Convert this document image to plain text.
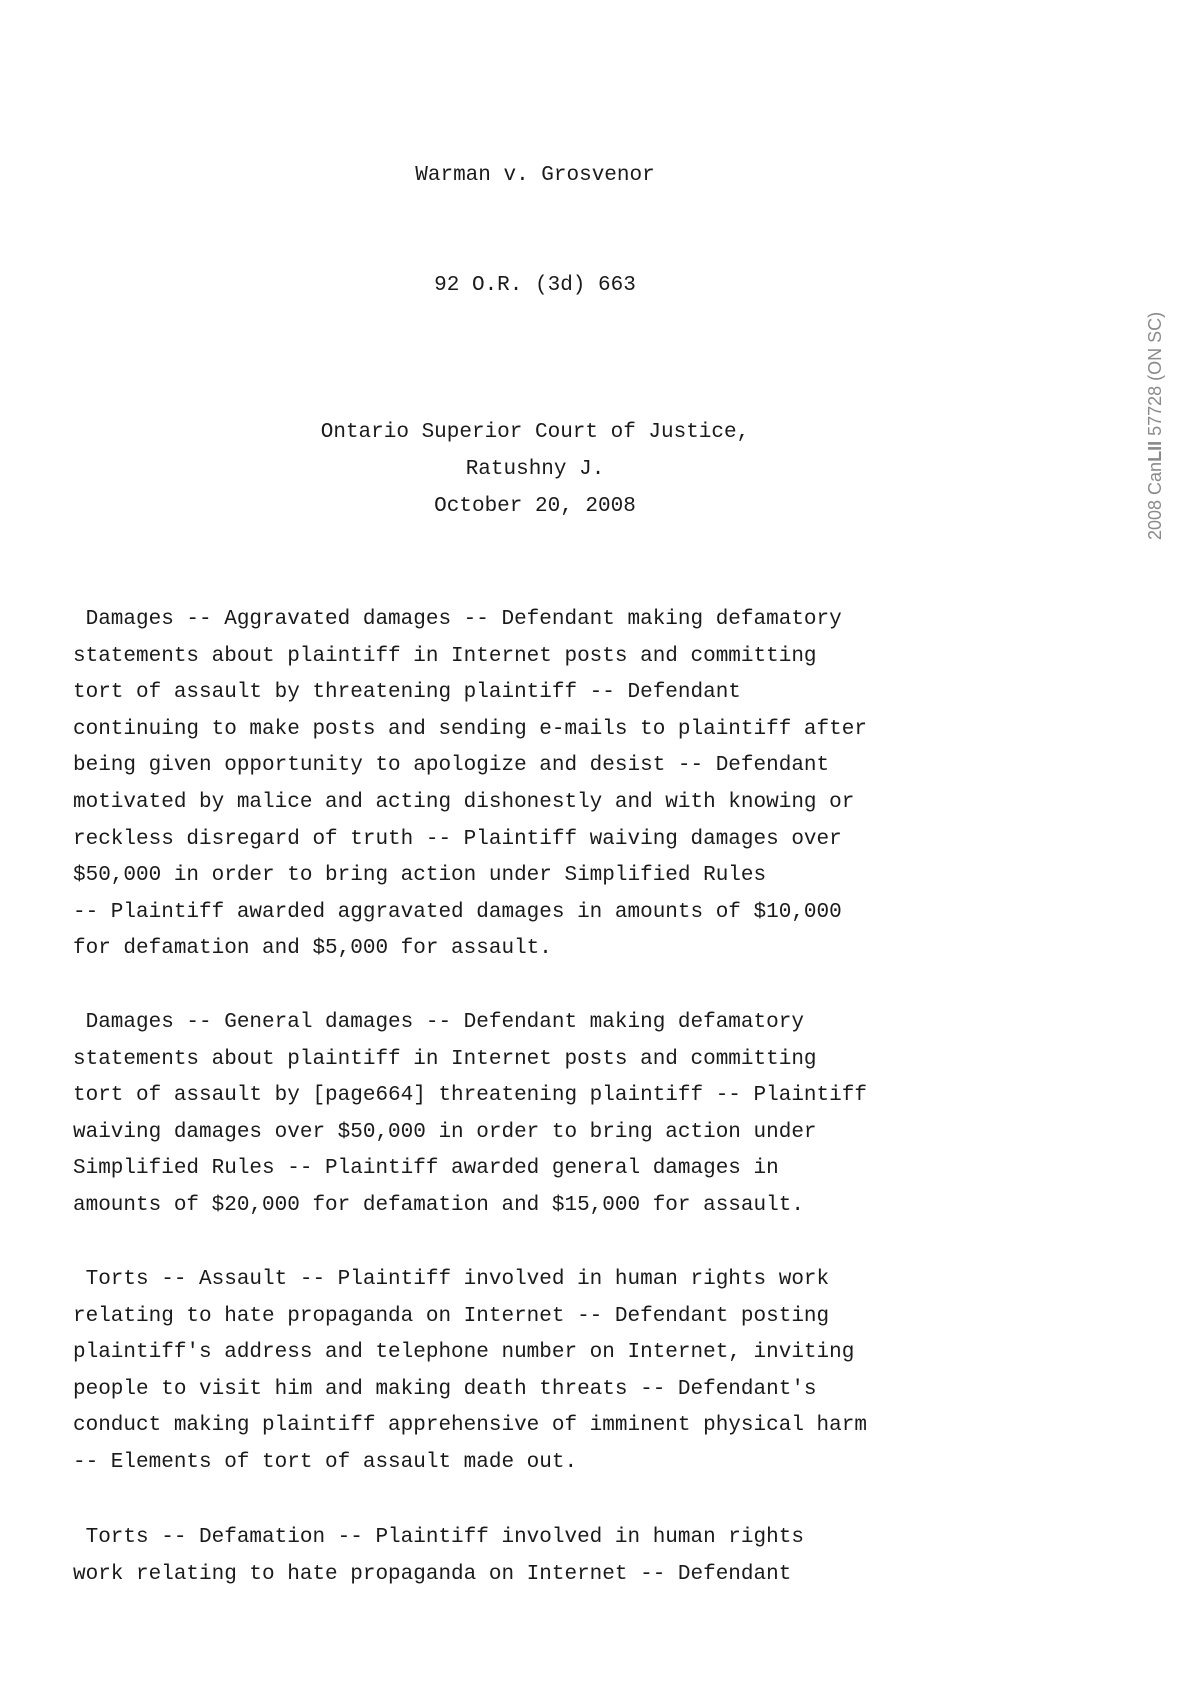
Warman v. Grosvenor
92 O.R. (3d) 663
Ontario Superior Court of Justice,
Ratushny J.
October 20, 2008
Damages -- Aggravated damages -- Defendant making defamatory
statements about plaintiff in Internet posts and committing
tort of assault by threatening plaintiff -- Defendant
continuing to make posts and sending e-mails to plaintiff after
being given opportunity to apologize and desist -- Defendant
motivated by malice and acting dishonestly and with knowing or
reckless disregard of truth -- Plaintiff waiving damages over
$50,000 in order to bring action under Simplified Rules
-- Plaintiff awarded aggravated damages in amounts of $10,000
for defamation and $5,000 for assault.
Damages -- General damages -- Defendant making defamatory
statements about plaintiff in Internet posts and committing
tort of assault by [page664] threatening plaintiff -- Plaintiff
waiving damages over $50,000 in order to bring action under
Simplified Rules -- Plaintiff awarded general damages in
amounts of $20,000 for defamation and $15,000 for assault.
Torts -- Assault -- Plaintiff involved in human rights work
relating to hate propaganda on Internet -- Defendant posting
plaintiff's address and telephone number on Internet, inviting
people to visit him and making death threats -- Defendant's
conduct making plaintiff apprehensive of imminent physical harm
-- Elements of tort of assault made out.
Torts -- Defamation -- Plaintiff involved in human rights
work relating to hate propaganda on Internet -- Defendant
2008 CanLII 57728 (ON SC)
